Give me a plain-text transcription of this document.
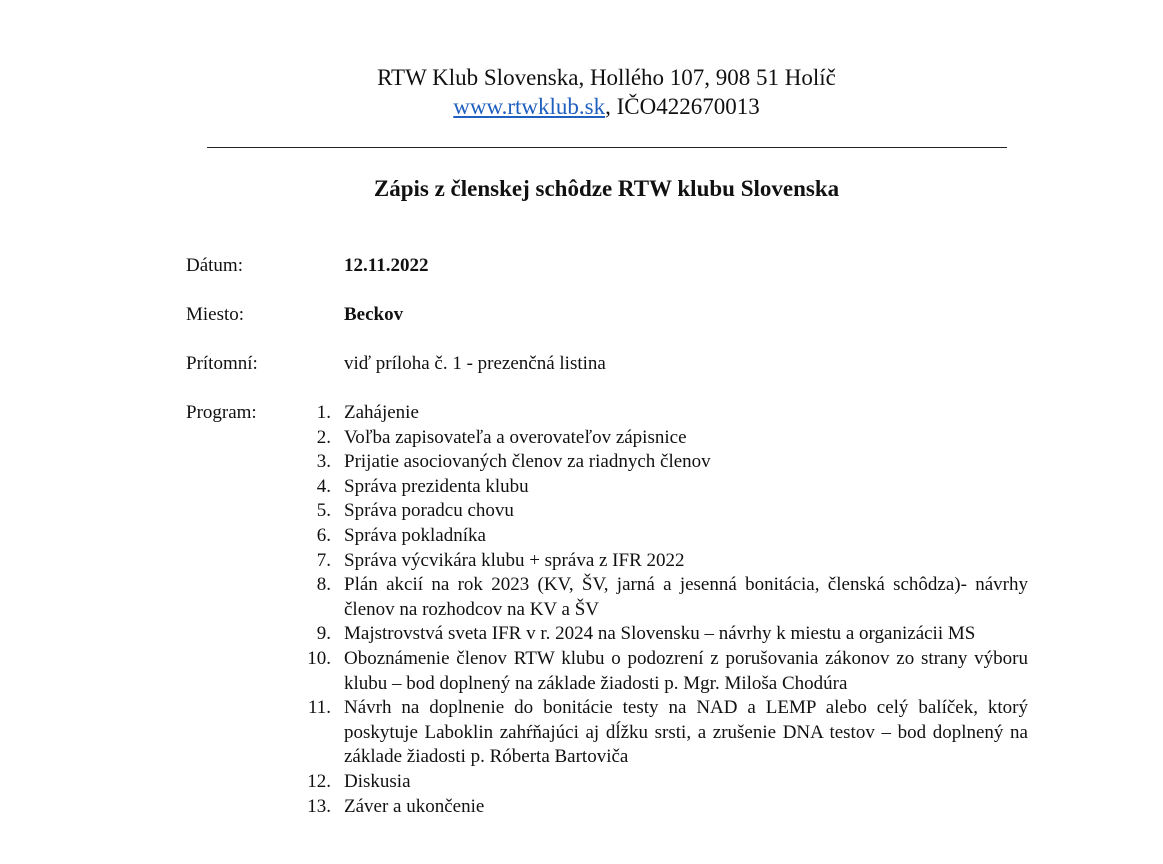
RTW Klub Slovenska, Hollého 107, 908 51 Holíč
www.rtwklub.sk, IČO422670013
Zápis z členskej schôdze RTW klubu Slovenska
Dátum:	12.11.2022
Miesto:	Beckov
Prítomní:	viď príloha č. 1 - prezenčná listina
Program:	1. Zahájenie
2. Voľba zapisovateľa a overovateľov zápisnice
3. Prijatie asociovaných členov za riadnych členov
4. Správa prezidenta klubu
5. Správa poradcu chovu
6. Správa pokladníka
7. Správa výcvikára klubu + správa z IFR 2022
8. Plán akcií na rok 2023 (KV, ŠV, jarná a jesenná bonitácia, členská schôdza)- návrhy členov na rozhodcov na KV a ŠV
9. Majstrovstvá sveta IFR v r. 2024 na Slovensku – návrhy k miestu a organizácii MS
10. Oboznámenie členov RTW klubu o podozrení z porušovania zákonov zo strany výboru klubu – bod doplnený na základe žiadosti p. Mgr. Miloša Chodúra
11. Návrh na doplnenie do bonitácie testy na NAD a LEMP alebo celý balíček, ktorý poskytuje Laboklin zahŕňajúci aj dĺžku srsti, a zrušenie DNA testov – bod doplnený na základe žiadosti p. Róberta Bartoviča
12. Diskusia
13. Záver a ukončenie
